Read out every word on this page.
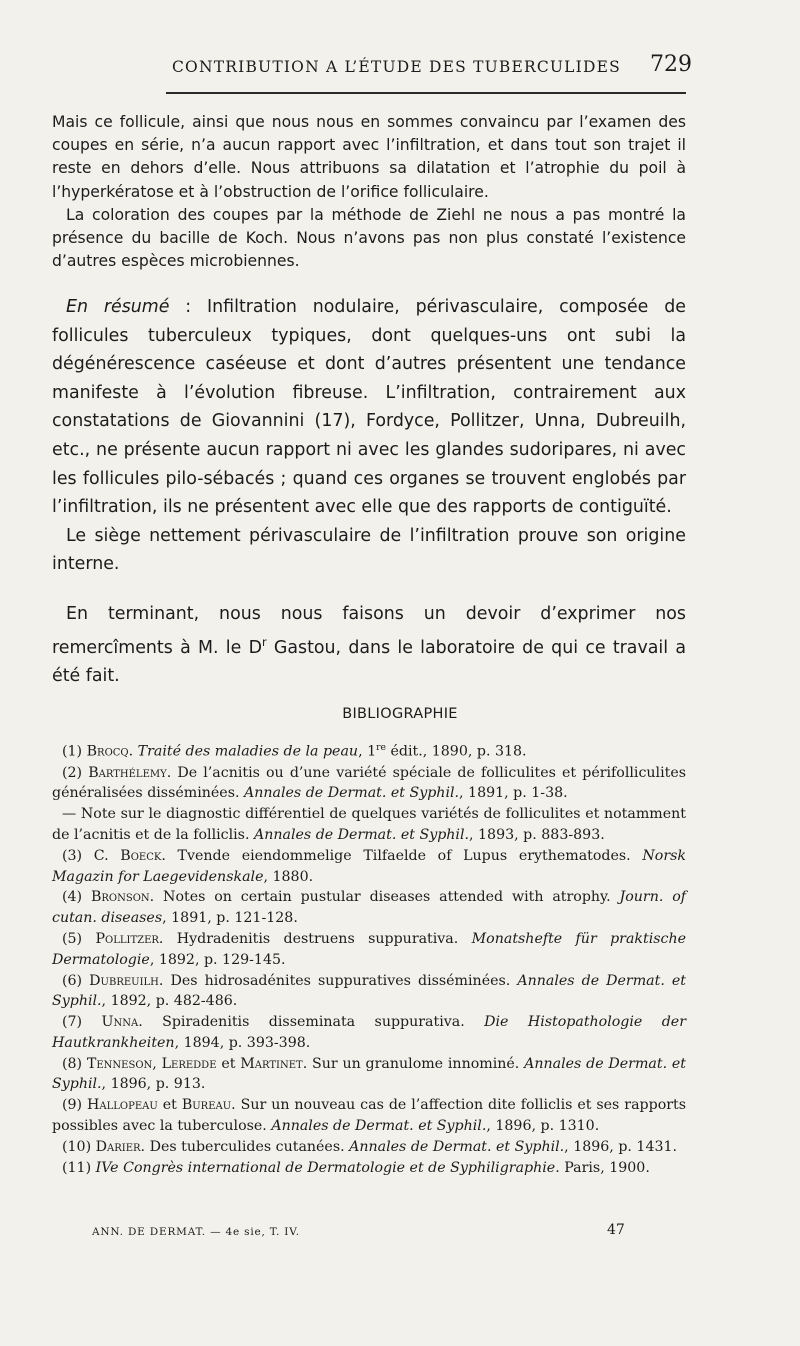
CONTRIBUTION A L’ÉTUDE DES TUBERCULIDES 729

Mais ce follicule, ainsi que nous nous en sommes convaincu par l’examen des coupes en série, n’a aucun rapport avec l’infiltration, et dans tout son trajet il reste en dehors d’elle. Nous attribuons sa dilatation et l’atrophie du poil à l’hyperkératose et à l’obstruction de l’orifice folliculaire.

La coloration des coupes par la méthode de Ziehl ne nous a pas montré la présence du bacille de Koch. Nous n’avons pas non plus constaté l’existence d’autres espèces microbiennes.

En résumé : Infiltration nodulaire, périvasculaire, composée de follicules tuberculeux typiques, dont quelques-uns ont subi la dégénérescence caséeuse et dont d’autres présentent une tendance manifeste à l’évolution fibreuse. L’infiltration, contrairement aux constatations de Giovannini (17), Fordyce, Pollitzer, Unna, Dubreuilh, etc., ne présente aucun rapport ni avec les glandes sudoripares, ni avec les follicules pilo-sébacés ; quand ces organes se trouvent englobés par l’infiltration, ils ne présentent avec elle que des rapports de contiguïté.

Le siège nettement périvasculaire de l’infiltration prouve son origine interne.

En terminant, nous nous faisons un devoir d’exprimer nos remercîments à M. le $D^r$ Gastou, dans le laboratoire de qui ce travail a été fait.

BIBLIOGRAPHIE

(1) Brocq. Traité des maladies de la peau, 1re édit., 1890, p. 318.

(2) Barthélemy. De l’acnitis ou d’une variété spéciale de folliculites et périfolliculites généralisées disséminées. Annales de Dermat. et Syphil., 1891, p. 1-38.

— Note sur le diagnostic différentiel de quelques variétés de folliculites et notamment de l’acnitis et de la folliclis. Annales de Dermat. et Syphil., 1893, p. 883-893.

(3) C. Boeck. Tvende eiendommelige Tilfaelde of Lupus erythematodes. Norsk Magazin for Laegevidenskale, 1880.

(4) Bronson. Notes on certain pustular diseases attended with atrophy. Journ. of cutan. diseases, 1891, p. 121-128.

(5) Pollitzer. Hydradenitis destruens suppurativa. Monatshefte für praktische Dermatologie, 1892, p. 129-145.

(6) Dubreuilh. Des hidrosadénites suppuratives disséminées. Annales de Dermat. et Syphil., 1892, p. 482-486.

(7) Unna. Spiradenitis disseminata suppurativa. Die Histopathologie der Hautkrankheiten, 1894, p. 393-398.

(8) Tenneson, Leredde et Martinet. Sur un granulome innominé. Annales de Dermat. et Syphil., 1896, p. 913.

(9) Hallopeau et Bureau. Sur un nouveau cas de l’affection dite folliclis et ses rapports possibles avec la tuberculose. Annales de Dermat. et Syphil., 1896, p. 1310.

(10) Darier. Des tuberculides cutanées. Annales de Dermat. et Syphil., 1896, p. 1431.

(11) IVe Congrès international de Dermatologie et de Syphiligraphie. Paris, 1900.

ANN. DE DERMAT. — 4e sie, T. IV.	47
